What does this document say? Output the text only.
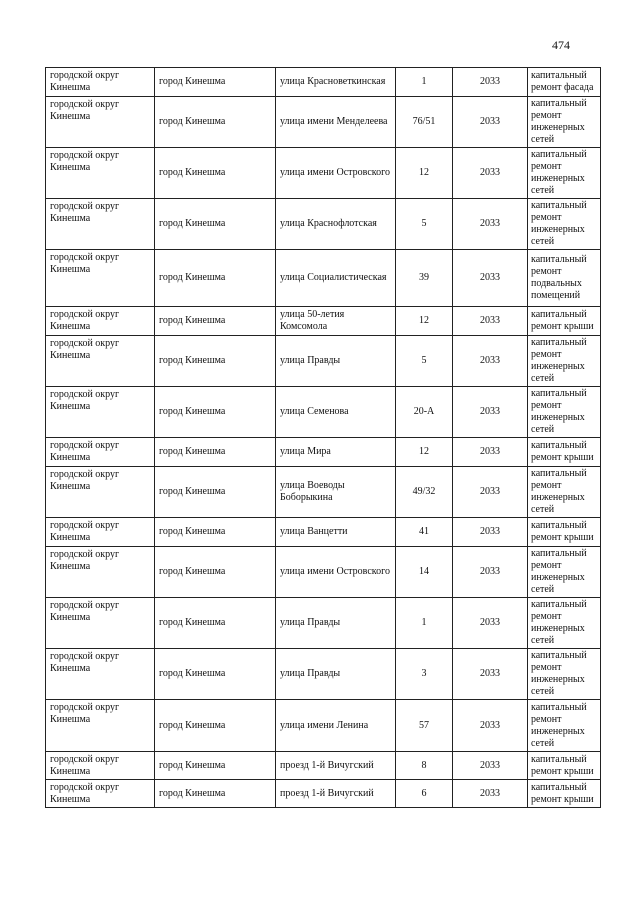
474
городской округ Кинешма	город Кинешма	улица Красноветкинская	1	2033	капитальный ремонт фасада
городской округ Кинешма	город Кинешма	улица имени Менделеева	76/51	2033	капитальный ремонт инженерных сетей
городской округ Кинешма	город Кинешма	улица имени Островского	12	2033	капитальный ремонт инженерных сетей
городской округ Кинешма	город Кинешма	улица Краснофлотская	5	2033	капитальный ремонт инженерных сетей
городской округ Кинешма	город Кинешма	улица Социалистическая	39	2033	капитальный ремонт подвальных помещений
городской округ Кинешма	город Кинешма	улица 50-летия Комсомола	12	2033	капитальный ремонт крыши
городской округ Кинешма	город Кинешма	улица Правды	5	2033	капитальный ремонт инженерных сетей
городской округ Кинешма	город Кинешма	улица Семенова	20-А	2033	капитальный ремонт инженерных сетей
городской округ Кинешма	город Кинешма	улица Мира	12	2033	капитальный ремонт крыши
городской округ Кинешма	город Кинешма	улица Воеводы Боборыкина	49/32	2033	капитальный ремонт инженерных сетей
городской округ Кинешма	город Кинешма	улица Ванцетти	41	2033	капитальный ремонт крыши
городской округ Кинешма	город Кинешма	улица имени Островского	14	2033	капитальный ремонт инженерных сетей
городской округ Кинешма	город Кинешма	улица Правды	1	2033	капитальный ремонт инженерных сетей
городской округ Кинешма	город Кинешма	улица Правды	3	2033	капитальный ремонт инженерных сетей
городской округ Кинешма	город Кинешма	улица имени Ленина	57	2033	капитальный ремонт инженерных сетей
городской округ Кинешма	город Кинешма	проезд 1-й Вичугский	8	2033	капитальный ремонт крыши
городской округ Кинешма	город Кинешма	проезд 1-й Вичугский	6	2033	капитальный ремонт крыши
